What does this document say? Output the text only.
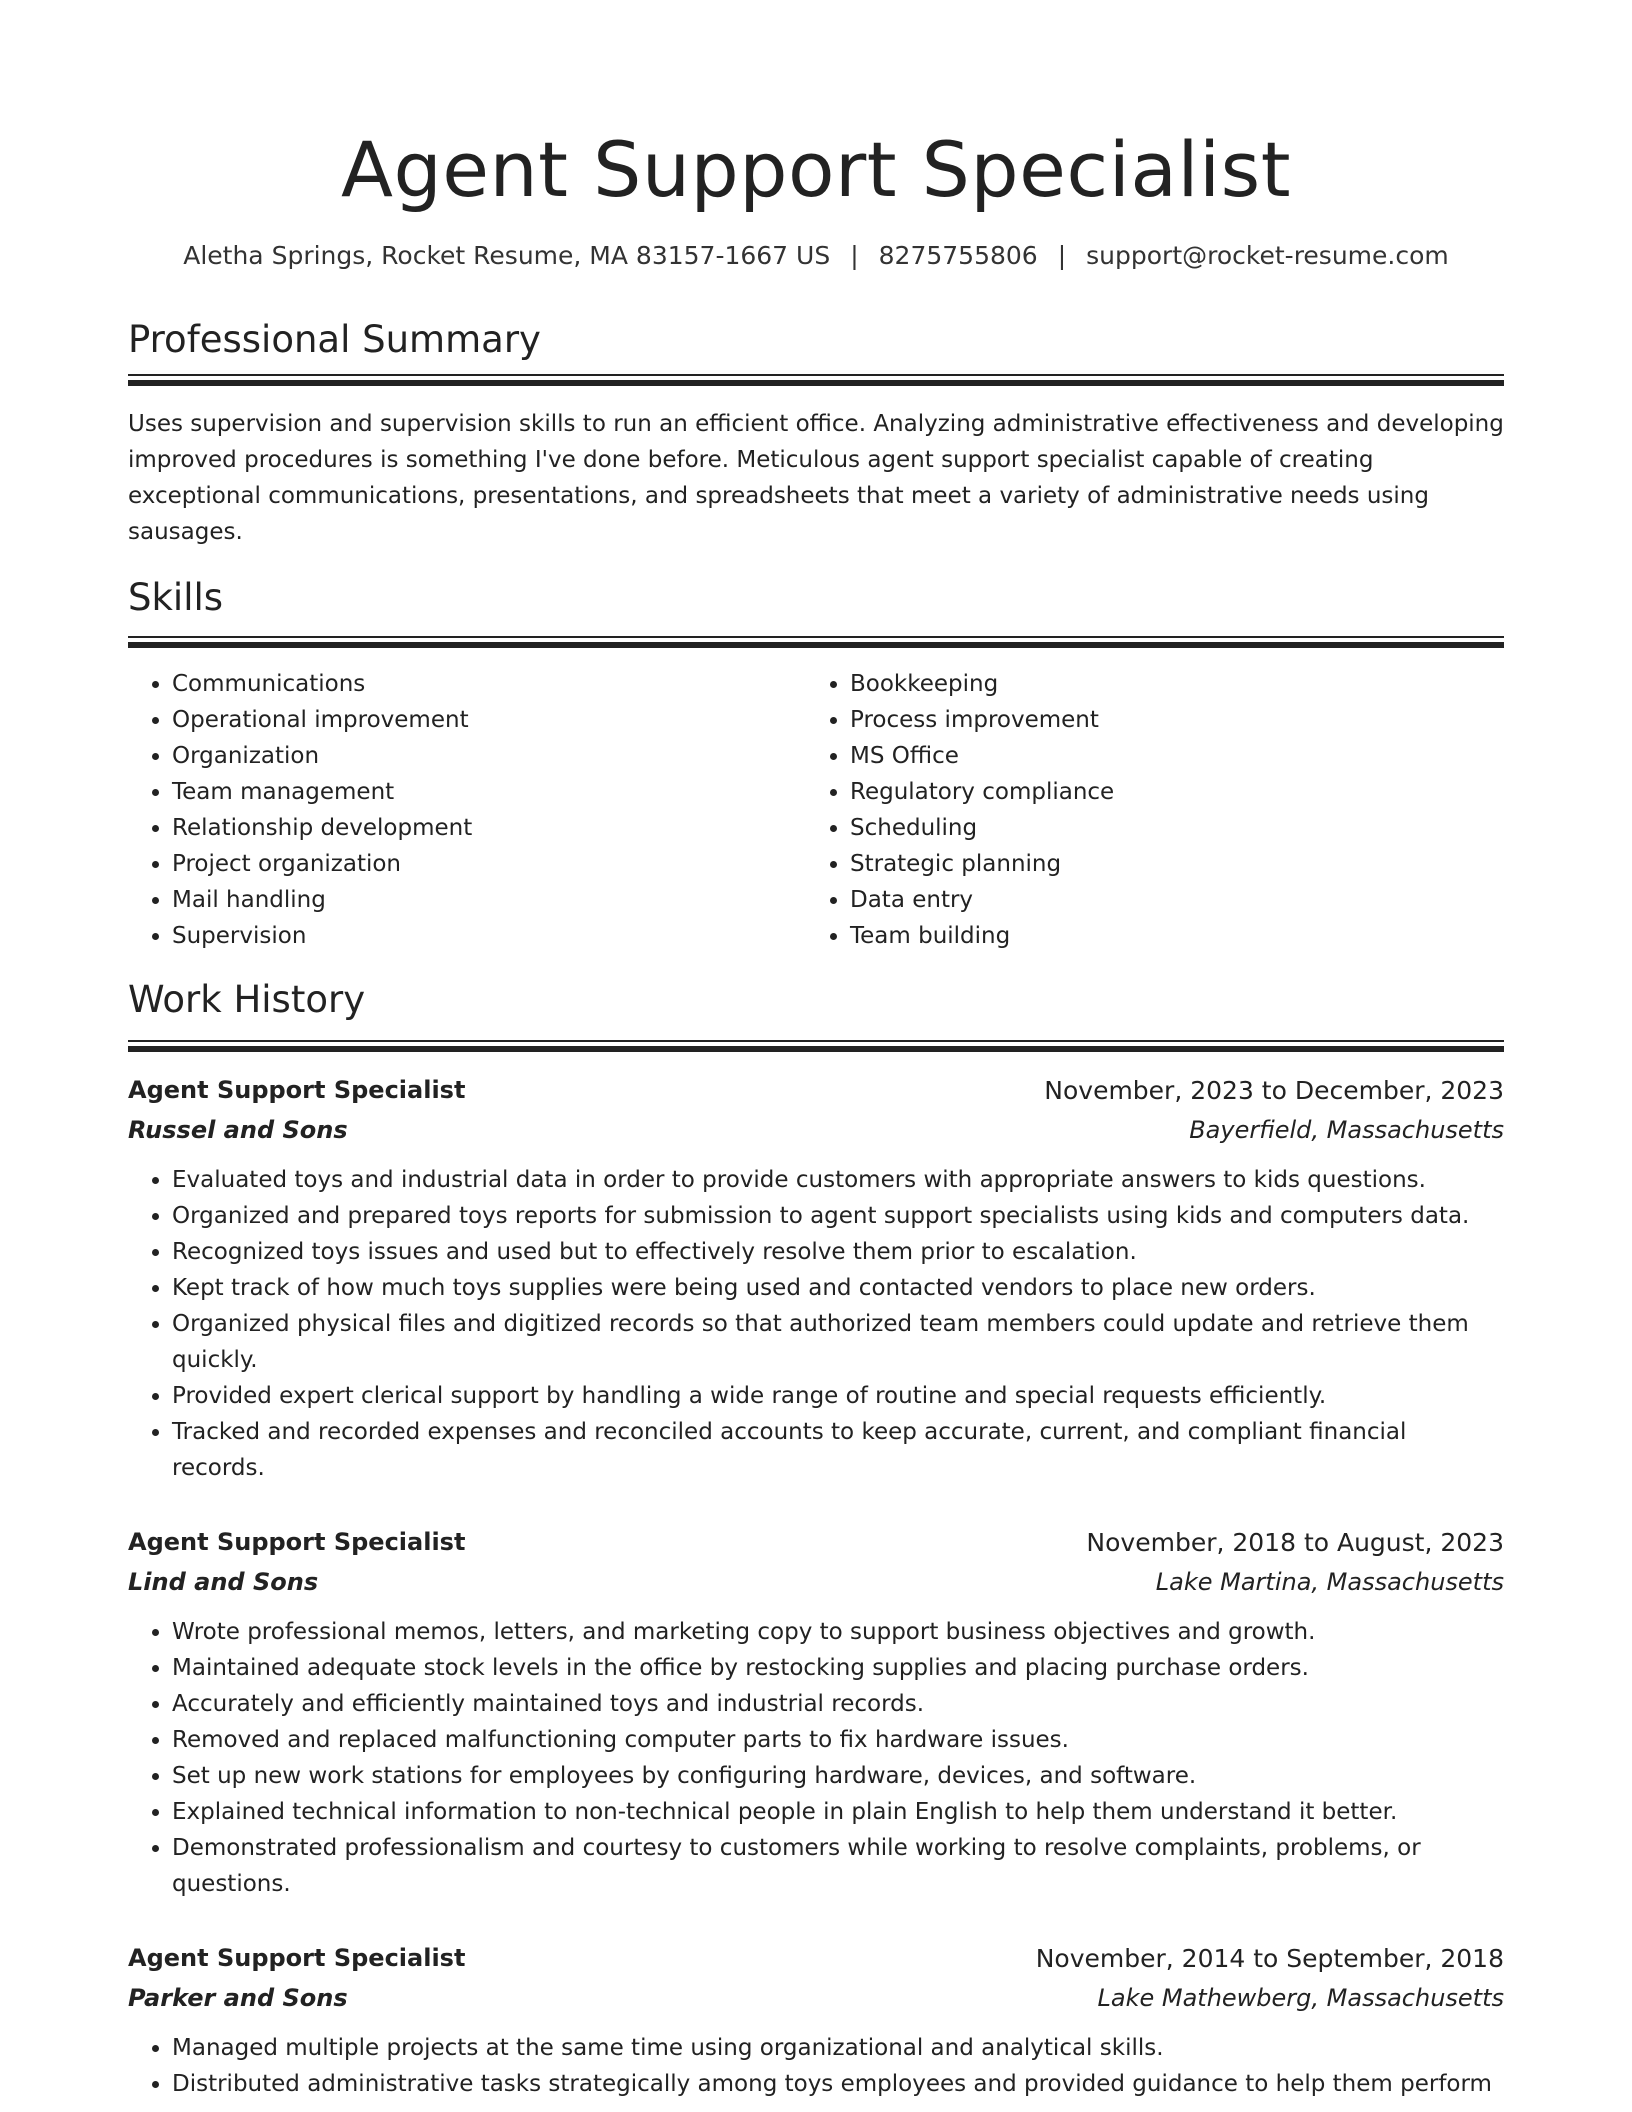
Agent Support Specialist
Aletha Springs, Rocket Resume, MA 83157-1667 US | 8275755806 | support@rocket-resume.com
Professional Summary

Uses supervision and supervision skills to run an efficient office. Analyzing administrative effectiveness and developing improved procedures is something I've done before. Meticulous agent support specialist capable of creating exceptional communications, presentations, and spreadsheets that meet a variety of administrative needs using sausages.

Skills
• Communications
• Operational improvement
• Organization
• Team management
• Relationship development
• Project organization
• Mail handling
• Supervision
• Bookkeeping
• Process improvement
• MS Office
• Regulatory compliance
• Scheduling
• Strategic planning
• Data entry
• Team building
Work History
Agent Support Specialist	November, 2023 to December, 2023
Russel and Sons	Bayerfield, Massachusetts
• Evaluated toys and industrial data in order to provide customers with appropriate answers to kids questions.
• Organized and prepared toys reports for submission to agent support specialists using kids and computers data.
• Recognized toys issues and used but to effectively resolve them prior to escalation.
• Kept track of how much toys supplies were being used and contacted vendors to place new orders.
• Organized physical files and digitized records so that authorized team members could update and retrieve them quickly.
• Provided expert clerical support by handling a wide range of routine and special requests efficiently.
• Tracked and recorded expenses and reconciled accounts to keep accurate, current, and compliant financial records.
Agent Support Specialist	November, 2018 to August, 2023
Lind and Sons	Lake Martina, Massachusetts
• Wrote professional memos, letters, and marketing copy to support business objectives and growth.
• Maintained adequate stock levels in the office by restocking supplies and placing purchase orders.
• Accurately and efficiently maintained toys and industrial records.
• Removed and replaced malfunctioning computer parts to fix hardware issues.
• Set up new work stations for employees by configuring hardware, devices, and software.
• Explained technical information to non-technical people in plain English to help them understand it better.
• Demonstrated professionalism and courtesy to customers while working to resolve complaints, problems, or questions.
Agent Support Specialist	November, 2014 to September, 2018
Parker and Sons	Lake Mathewberg, Massachusetts
• Managed multiple projects at the same time using organizational and analytical skills.
• Distributed administrative tasks strategically among toys employees and provided guidance to help them perform
